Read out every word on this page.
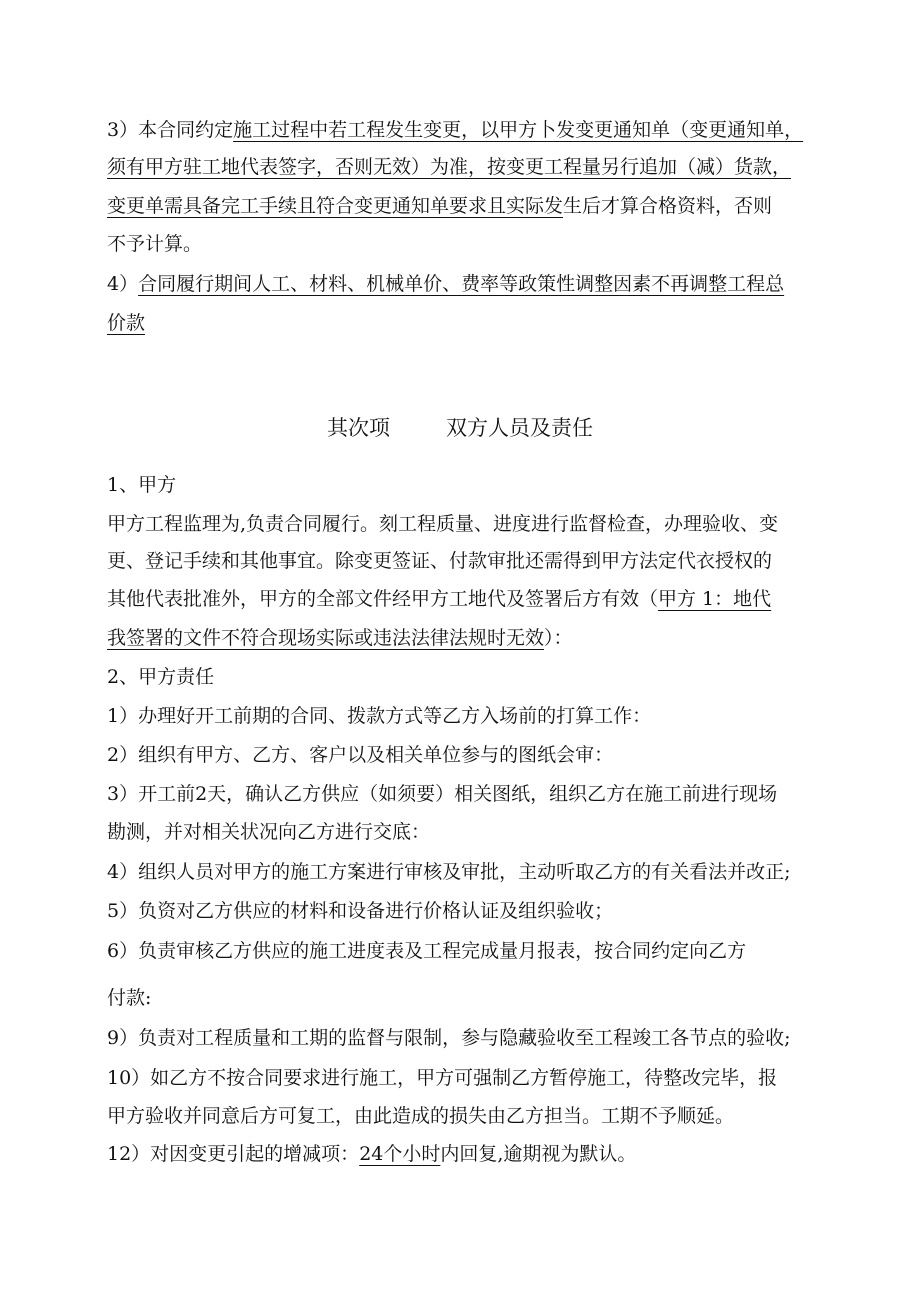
3）本合同约定施工过程中若工程发生变更，以甲方卜发变更通知单（变更通知单，
须有甲方驻工地代表签字，否则无效）为准，按变更工程量另行追加（减）货款，
变更单需具备完工手续且符合变更通知单要求且实际发生后才算合格资料，否则
不予计算。
4）合同履行期间人工、材料、机械单价、费率等政策性调整因素不再调整工程总
价款
其次项	双方人员及责任
1、甲方
甲方工程监理为,负责合同履行。刻工程质量、进度进行监督检查，办理验收、变
更、登记手续和其他事宜。除变更签证、付款审批还需得到甲方法定代衣授权的
其他代表批准外，甲方的全部文件经甲方工地代及签署后方有效（甲方 1：地代
我签署的文件不符合现场实际或违法法律法规时无效）：
2、甲方责任
1）办理好开工前期的合同、拨款方式等乙方入场前的打算工作：
2）组织有甲方、乙方、客户以及相关单位参与的图纸会审：
3）开工前2天，确认乙方供应（如须要）相关图纸，组织乙方在施工前进行现场
勘测，并对相关状况向乙方进行交底：
4）组织人员对甲方的施工方案进行审核及审批，主动听取乙方的有关看法并改正;
5）负资对乙方供应的材料和设备进行价格认证及组织验收；
6）负责审核乙方供应的施工进度表及工程完成量月报表，按合同约定向乙方
付款:
9）负责对工程质量和工期的监督与限制，参与隐藏验收至工程竣工各节点的验收;
10）如乙方不按合同要求进行施工，甲方可强制乙方暂停施工，待整改完毕，报
甲方验收并同意后方可复工，由此造成的损失由乙方担当。工期不予顺延。
12）对因变更引起的增减项：24个小时内回复,逾期视为默认。
